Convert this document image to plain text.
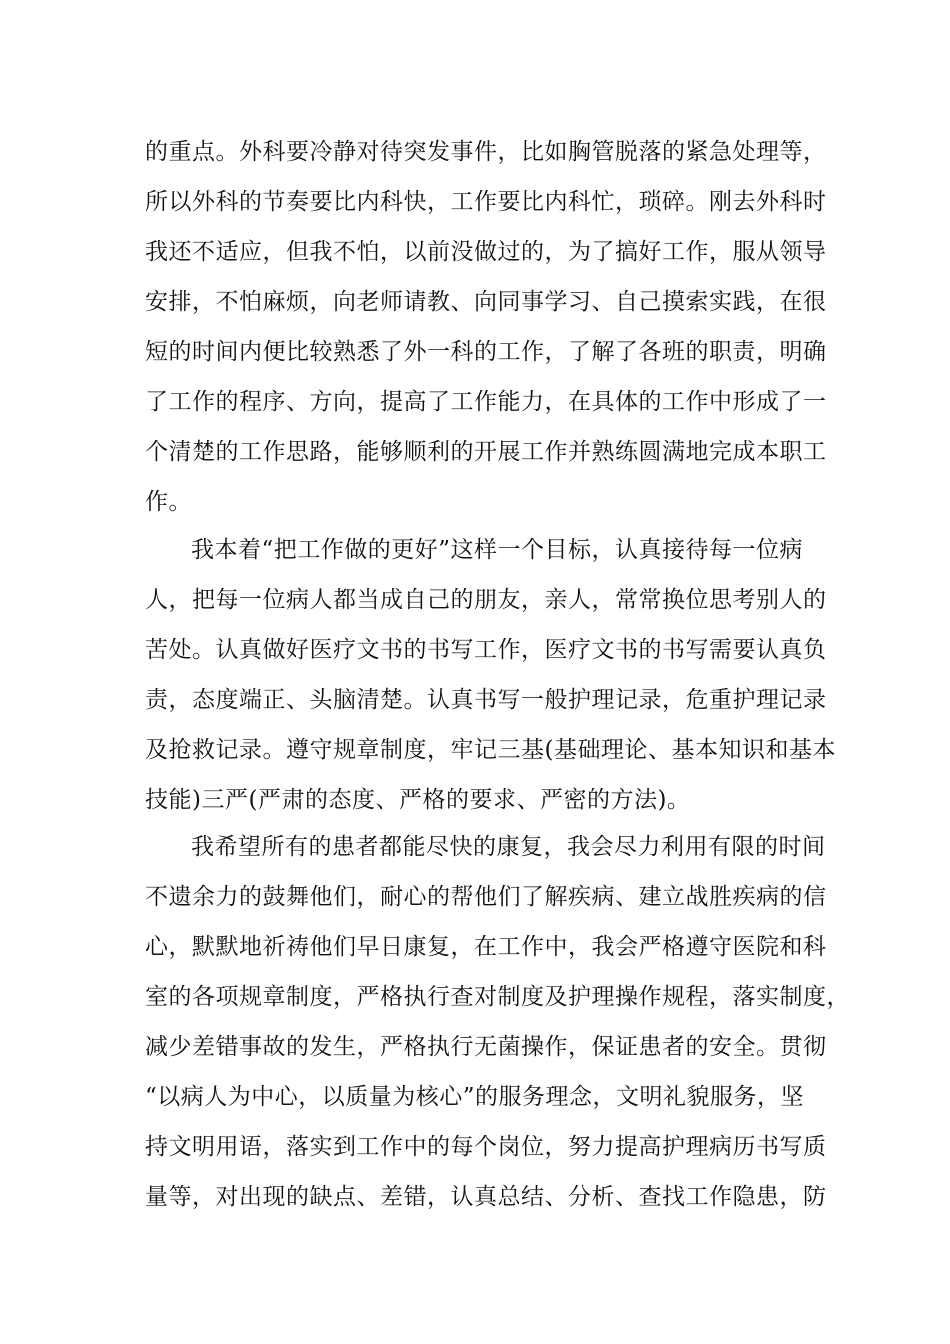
的重点。外科要冷静对待突发事件，比如胸管脱落的紧急处理等，
所以外科的节奏要比内科快，工作要比内科忙，琐碎。刚去外科时
我还不适应，但我不怕，以前没做过的，为了搞好工作，服从领导
安排，不怕麻烦，向老师请教、向同事学习、自己摸索实践，在很
短的时间内便比较熟悉了外一科的工作，了解了各班的职责，明确
了工作的程序、方向，提高了工作能力，在具体的工作中形成了一
个清楚的工作思路，能够顺利的开展工作并熟练圆满地完成本职工
作。
我本着“把工作做的更好”这样一个目标，认真接待每一位病
人，把每一位病人都当成自己的朋友，亲人，常常换位思考别人的
苦处。认真做好医疗文书的书写工作，医疗文书的书写需要认真负
责，态度端正、头脑清楚。认真书写一般护理记录，危重护理记录
及抢救记录。遵守规章制度，牢记三基(基础理论、基本知识和基本
技能)三严(严肃的态度、严格的要求、严密的方法)。
我希望所有的患者都能尽快的康复，我会尽力利用有限的时间
不遗余力的鼓舞他们，耐心的帮他们了解疾病、建立战胜疾病的信
心，默默地祈祷他们早日康复，在工作中，我会严格遵守医院和科
室的各项规章制度，严格执行查对制度及护理操作规程，落实制度，
减少差错事故的发生，严格执行无菌操作，保证患者的安全。贯彻
“以病人为中心，以质量为核心”的服务理念，文明礼貌服务，坚
持文明用语，落实到工作中的每个岗位，努力提高护理病历书写质
量等，对出现的缺点、差错，认真总结、分析、查找工作隐患，防
